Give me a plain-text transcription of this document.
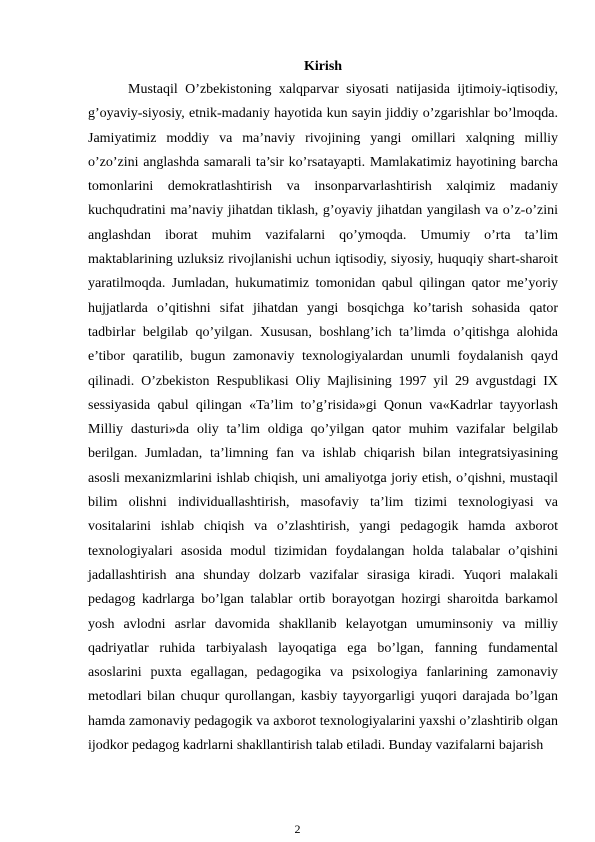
Kirish

Mustaqil O’zbekistoning xalqparvar siyosati natijasida ijtimoiy-iqtisodiy, g’oyaviy-siyosiy, etnik-madaniy hayotida kun sayin jiddiy o’zgarishlar bo’lmoqda. Jamiyatimiz moddiy va ma’naviy rivojining yangi omillari xalqning milliy o’zo’zini anglashda samarali ta’sir ko’rsatayapti. Mamlakatimiz hayotining barcha tomonlarini demokratlashtirish va insonparvarlashtirish xalqimiz madaniy kuchqudratini ma’naviy jihatdan tiklash, g’oyaviy jihatdan yangilash va o’z-o’zini anglashdan iborat muhim vazifalarni qo’ymoqda. Umumiy o’rta ta’lim maktablarining uzluksiz rivojlanishi uchun iqtisodiy, siyosiy, huquqiy shart-sharoit yaratilmoqda. Jumladan, hukumatimiz tomonidan qabul qilingan qator me’yoriy hujjatlarda o’qitishni sifat jihatdan yangi bosqichga ko’tarish sohasida qator tadbirlar belgilab qo’yilgan. Xususan, boshlang’ich ta’limda o’qitishga alohida e’tibor qaratilib, bugun zamonaviy texnologiyalardan unumli foydalanish qayd qilinadi. O’zbekiston Respublikasi Oliy Majlisining 1997 yil 29 avgustdagi IX sessiyasida qabul qilingan «Ta’lim to’g’risida»gi Qonun va«Kadrlar tayyorlash Milliy dasturi»da oliy ta’lim oldiga qo’yilgan qator muhim vazifalar belgilab berilgan. Jumladan, ta’limning fan va ishlab chiqarish bilan integratsiyasining asosli mexanizmlarini ishlab chiqish, uni amaliyotga joriy etish, o’qishni, mustaqil bilim olishni individuallashtirish, masofaviy ta’lim tizimi texnologiyasi va vositalarini ishlab chiqish va o’zlashtirish, yangi pedagogik hamda axborot texnologiyalari asosida modul tizimidan foydalangan holda talabalar o’qishini jadallashtirish ana shunday dolzarb vazifalar sirasiga kiradi. Yuqori malakali pedagog kadrlarga bo’lgan talablar ortib borayotgan hozirgi sharoitda barkamol yosh avlodni asrlar davomida shakllanib kelayotgan umuminsoniy va milliy qadriyatlar ruhida tarbiyalash layoqatiga ega bo’lgan, fanning fundamental asoslarini puxta egallagan, pedagogika va psixologiya fanlarining zamonaviy metodlari bilan chuqur qurollangan, kasbiy tayyorgarligi yuqori darajada bo’lgan hamda zamonaviy pedagogik va axborot texnologiyalarini yaxshi o’zlashtirib olgan ijodkor pedagog kadrlarni shakllantirish talab etiladi. Bunday vazifalarni bajarish

2
